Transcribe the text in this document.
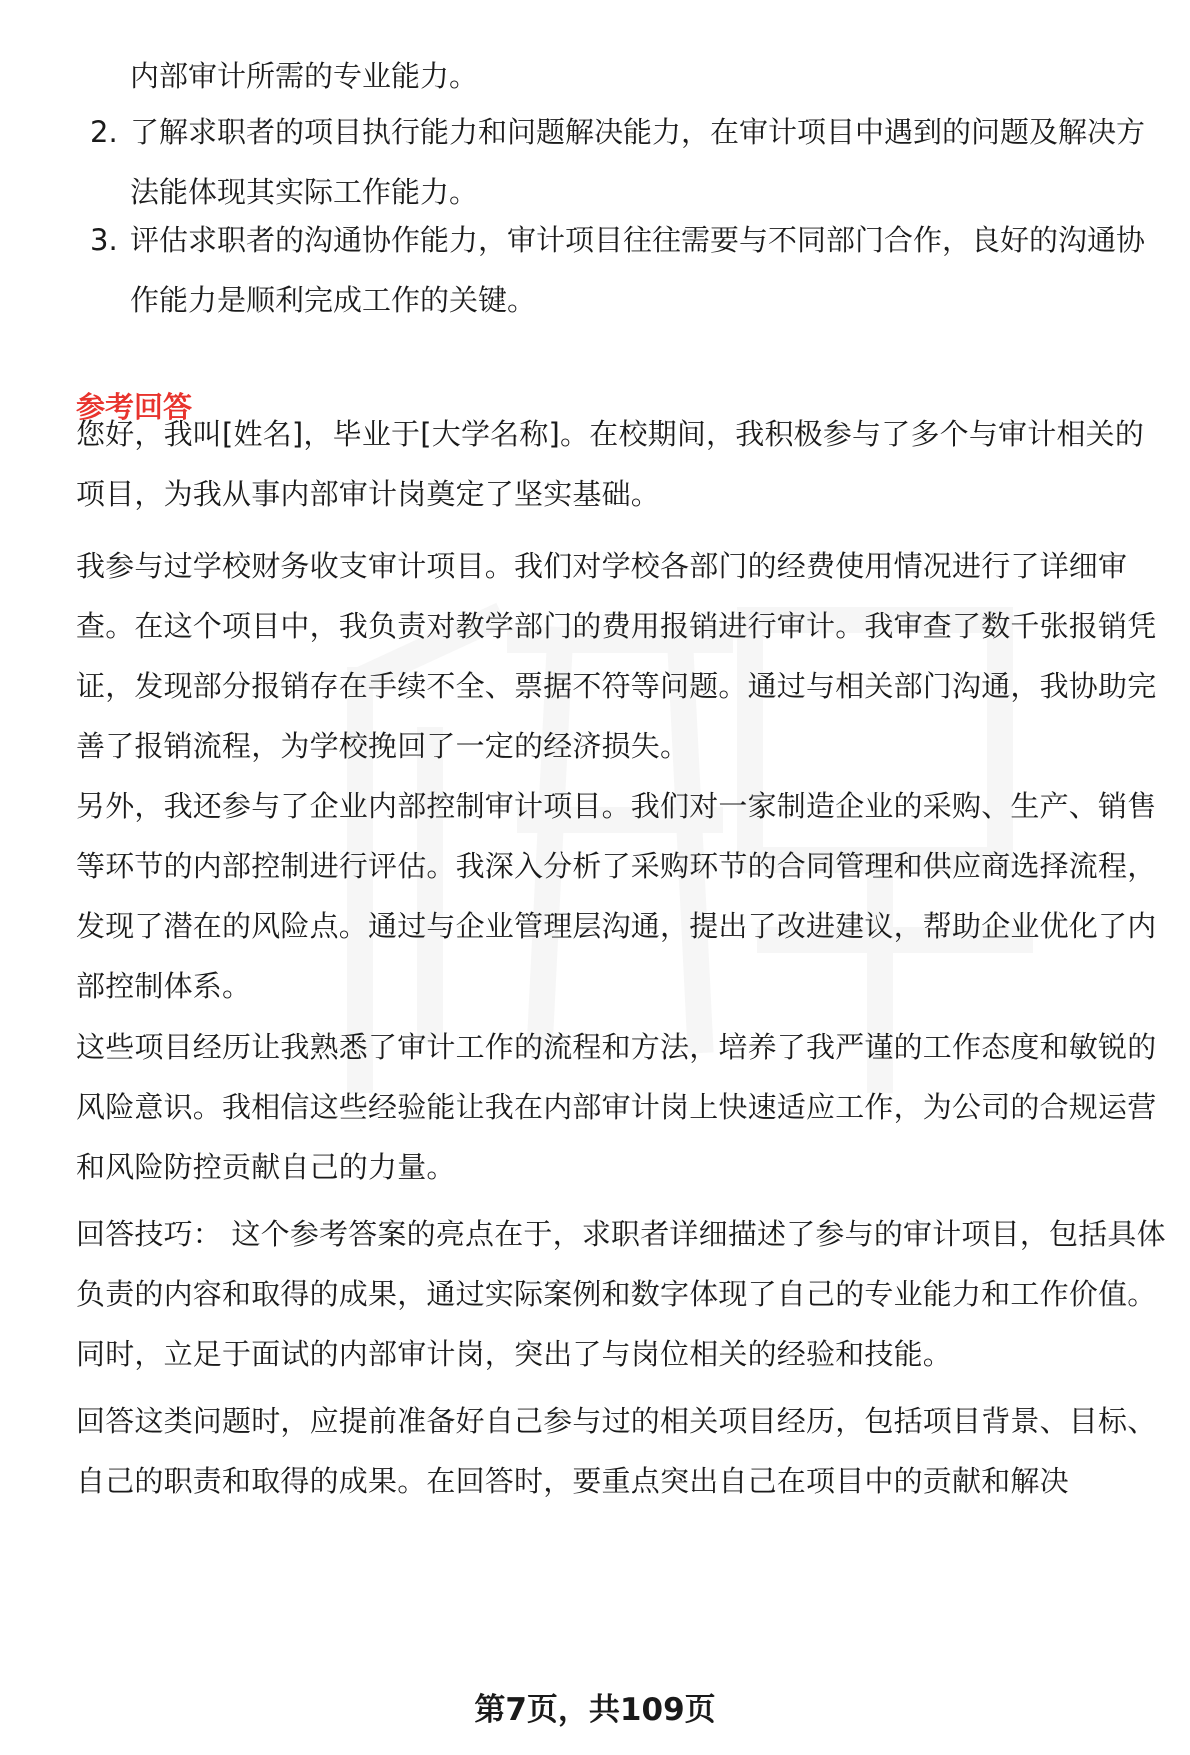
内部审计所需的专业能力。
2. 了解求职者的项目执行能力和问题解决能力，在审计项目中遇到的问题及解决方法能体现其实际工作能力。
3. 评估求职者的沟通协作能力，审计项目往往需要与不同部门合作，良好的沟通协作能力是顺利完成工作的关键。
参考回答
您好，我叫[姓名]，毕业于[大学名称]。在校期间，我积极参与了多个与审计相关的项目，为我从事内部审计岗奠定了坚实基础。
我参与过学校财务收支审计项目。我们对学校各部门的经费使用情况进行了详细审查。在这个项目中，我负责对教学部门的费用报销进行审计。我审查了数千张报销凭证，发现部分报销存在手续不全、票据不符等问题。通过与相关部门沟通，我协助完善了报销流程，为学校挽回了一定的经济损失。
另外，我还参与了企业内部控制审计项目。我们对一家制造企业的采购、生产、销售等环节的内部控制进行评估。我深入分析了采购环节的合同管理和供应商选择流程，发现了潜在的风险点。通过与企业管理层沟通，提出了改进建议，帮助企业优化了内部控制体系。
这些项目经历让我熟悉了审计工作的流程和方法，培养了我严谨的工作态度和敏锐的风险意识。我相信这些经验能让我在内部审计岗上快速适应工作，为公司的合规运营和风险防控贡献自己的力量。
回答技巧： 这个参考答案的亮点在于，求职者详细描述了参与的审计项目，包括具体负责的内容和取得的成果，通过实际案例和数字体现了自己的专业能力和工作价值。同时，立足于面试的内部审计岗，突出了与岗位相关的经验和技能。
回答这类问题时，应提前准备好自己参与过的相关项目经历，包括项目背景、目标、自己的职责和取得的成果。在回答时，要重点突出自己在项目中的贡献和解决
第7页，共109页
